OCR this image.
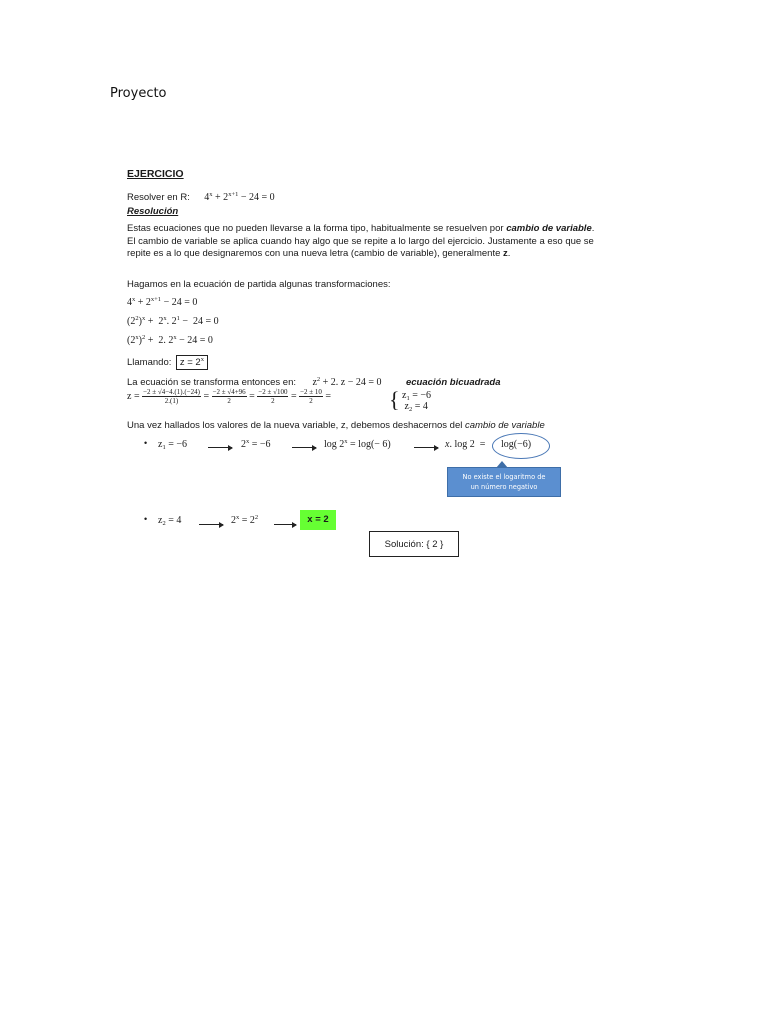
Proyecto
EJERCICIO
Resolver en R: $4^x + 2^{x+1} - 24 = 0$
Resolución
Estas ecuaciones que no pueden llevarse a la forma tipo, habitualmente se resuelven por cambio de variable. El cambio de variable se aplica cuando hay algo que se repite a lo largo del ejercicio. Justamente a eso que se repite es a lo que designaremos con una nueva letra (cambio de variable), generalmente z.
Hagamos en la ecuación de partida algunas transformaciones:
$4^x + 2^{x+1} - 24 = 0$
$(2^2)^x + 2^x$. $2^1 - 24 = 0$
$(2^x)^2 + 2$. $2^x - 24 = 0$
Llamando: $z = 2^x$
La ecuación se transforma entonces en: $z^2 + 2$. z − 24 = 0	ecuación bicuadrada
$z = \frac{-2 \pm √4-4.(1).(-24)}{2.(1)} = \frac{-2 \pm √4+96}{2} = \frac{-2 \pm √100}{2} = \frac{-2 \pm 10}{2}$ =	{ $z_1 = -6$
$z_2 = 4$
Una vez hallados los valores de la nueva variable, z, debemos deshacernos del cambio de variable
• $z_1 = -6$	$2^x = -6$	$\log 2^x = \log(- 6)$	x. log 2  = log(−6)
No existe el logaritmo de
un número negativo
• $z_2 = 4$	$2^x = 2^2$	x = 2
Solución: { 2 }
